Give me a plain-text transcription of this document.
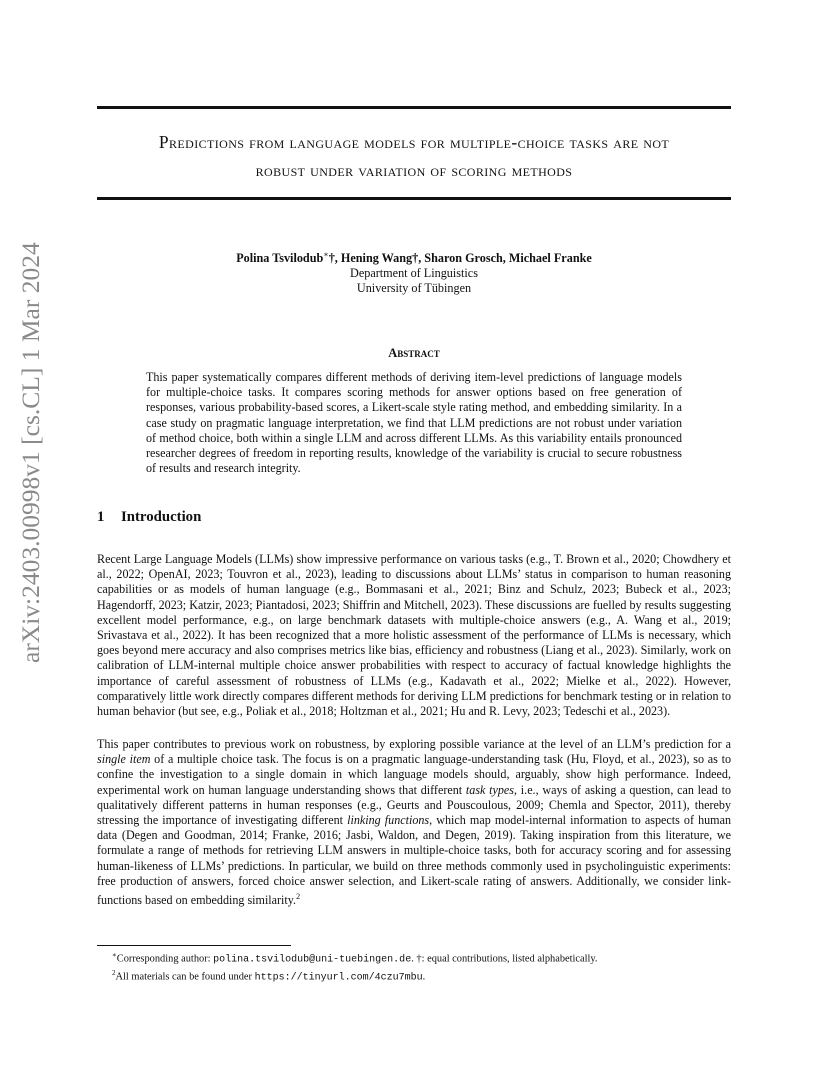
Predictions from language models for multiple-choice tasks are not
robust under variation of scoring methods
arXiv:2403.00998v1 [cs.CL] 1 Mar 2024	Polina Tsvilodub∗†, Hening Wang†, Sharon Grosch, Michael Franke
Department of Linguistics
University of Tübingen
Abstract
This paper systematically compares different methods of deriving item-level predictions of language models for multiple-choice tasks. It compares scoring methods for answer options based on free generation of responses, various probability-based scores, a Likert-scale style rating method, and embedding similarity. In a case study on pragmatic language interpretation, we find that LLM predictions are not robust under variation of method choice, both within a single LLM and across different LLMs. As this variability entails pronounced researcher degrees of freedom in reporting results, knowledge of the variability is crucial to secure robustness of results and research integrity.
1 Introduction
Recent Large Language Models (LLMs) show impressive performance on various tasks (e.g., T. Brown et al., 2020; Chowdhery et al., 2022; OpenAI, 2023; Touvron et al., 2023), leading to discussions about LLMs’ status in comparison to human reasoning capabilities or as models of human language (e.g., Bommasani et al., 2021; Binz and Schulz, 2023; Bubeck et al., 2023; Hagendorff, 2023; Katzir, 2023; Piantadosi, 2023; Shiffrin and Mitchell, 2023). These discussions are fuelled by results suggesting excellent model performance, e.g., on large benchmark datasets with multiple-choice answers (e.g., A. Wang et al., 2019; Srivastava et al., 2022). It has been recognized that a more holistic assessment of the performance of LLMs is necessary, which goes beyond mere accuracy and also comprises metrics like bias, efficiency and robustness (Liang et al., 2023). Similarly, work on calibration of LLM-internal multiple choice answer probabilities with respect to accuracy of factual knowledge highlights the importance of careful assessment of robustness of LLMs (e.g., Kadavath et al., 2022; Mielke et al., 2022). However, comparatively little work directly compares different methods for deriving LLM predictions for benchmark testing or in relation to human behavior (but see, e.g., Poliak et al., 2018; Holtzman et al., 2021; Hu and R. Levy, 2023; Tedeschi et al., 2023).
This paper contributes to previous work on robustness, by exploring possible variance at the level of an LLM’s prediction for a single item of a multiple choice task. The focus is on a pragmatic language-understanding task (Hu, Floyd, et al., 2023), so as to confine the investigation to a single domain in which language models should, arguably, show high performance. Indeed, experimental work on human language understanding shows that different task types, i.e., ways of asking a question, can lead to qualitatively different patterns in human responses (e.g., Geurts and Pouscoulous, 2009; Chemla and Spector, 2011), thereby stressing the importance of investigating different linking functions, which map model-internal information to aspects of human data (Degen and Goodman, 2014; Franke, 2016; Jasbi, Waldon, and Degen, 2019). Taking inspiration from this literature, we formulate a range of methods for retrieving LLM answers in multiple-choice tasks, both for accuracy scoring and for assessing human-likeness of LLMs’ predictions. In particular, we build on three methods commonly used in psycholinguistic experiments: free production of answers, forced choice answer selection, and Likert-scale rating of answers. Additionally, we consider link-functions based on embedding similarity.$^2$
∗Corresponding author: polina.tsvilodub@uni-tuebingen.de. †: equal contributions, listed alphabetically.
$^2$All materials can be found under https://tinyurl.com/4czu7mbu.
